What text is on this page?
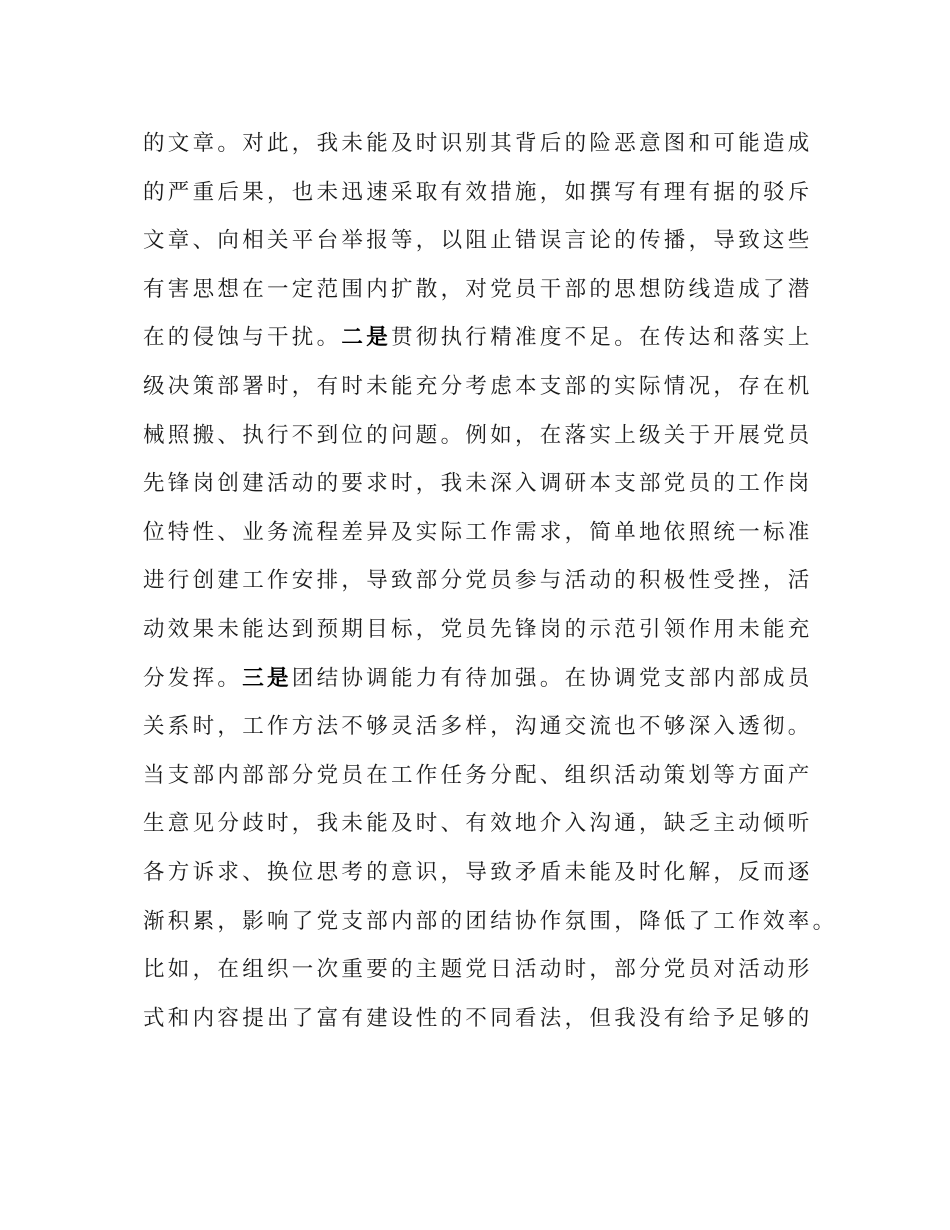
的文章。对此，我未能及时识别其背后的险恶意图和可能造成
的严重后果，也未迅速采取有效措施，如撰写有理有据的驳斥
文章、向相关平台举报等，以阻止错误言论的传播，导致这些
有害思想在一定范围内扩散，对党员干部的思想防线造成了潜
在的侵蚀与干扰。二是贯彻执行精准度不足。在传达和落实上
级决策部署时，有时未能充分考虑本支部的实际情况，存在机
械照搬、执行不到位的问题。例如，在落实上级关于开展党员
先锋岗创建活动的要求时，我未深入调研本支部党员的工作岗
位特性、业务流程差异及实际工作需求，简单地依照统一标准
进行创建工作安排，导致部分党员参与活动的积极性受挫，活
动效果未能达到预期目标，党员先锋岗的示范引领作用未能充
分发挥。三是团结协调能力有待加强。在协调党支部内部成员
关系时，工作方法不够灵活多样，沟通交流也不够深入透彻。
当支部内部部分党员在工作任务分配、组织活动策划等方面产
生意见分歧时，我未能及时、有效地介入沟通，缺乏主动倾听
各方诉求、换位思考的意识，导致矛盾未能及时化解，反而逐
渐积累，影响了党支部内部的团结协作氛围，降低了工作效率。
比如，在组织一次重要的主题党日活动时，部分党员对活动形
式和内容提出了富有建设性的不同看法，但我没有给予足够的
